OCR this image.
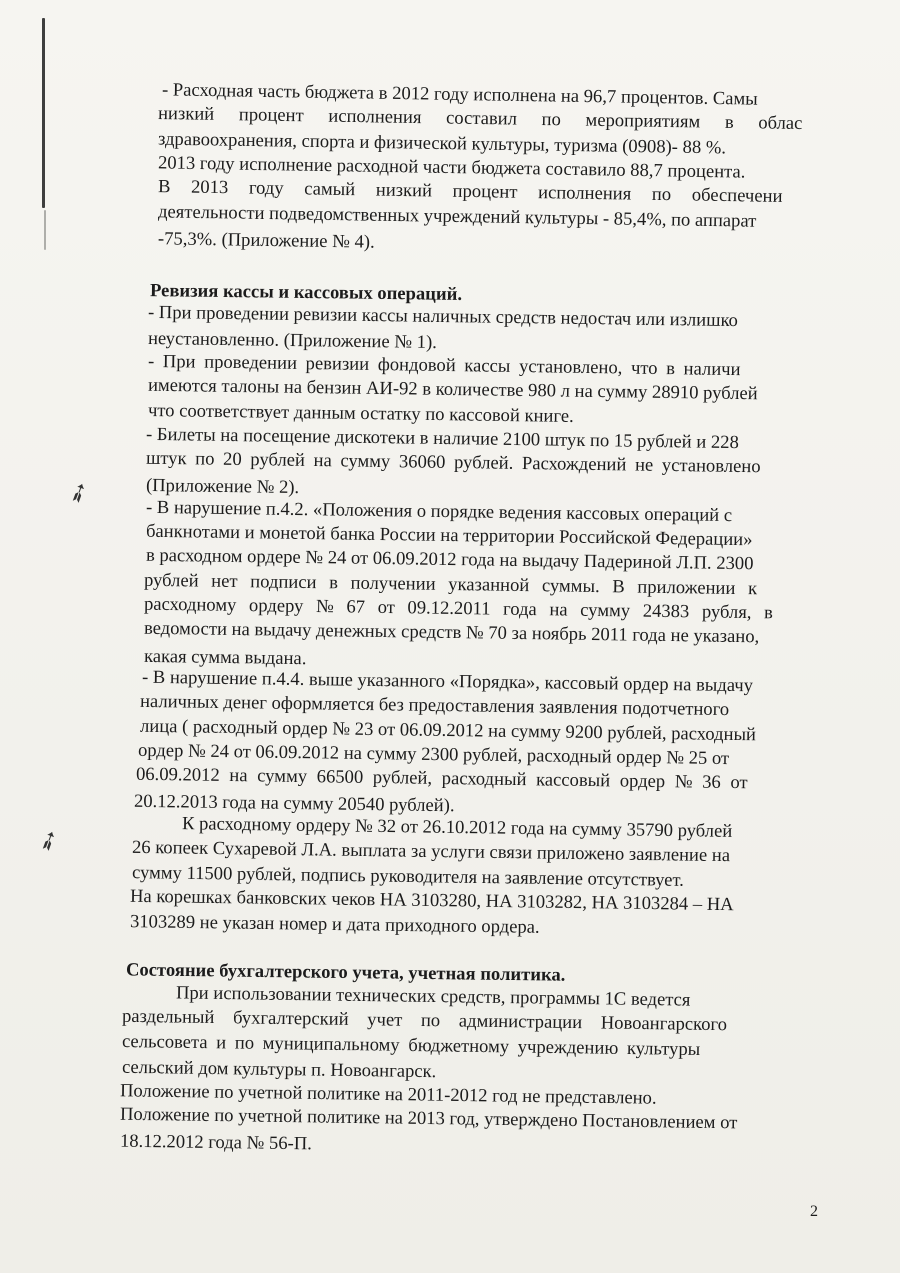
➶
➶
- Расходная часть бюджета в 2012 году исполнена на 96,7 процентов. Самы
низкий процент исполнения составил по мероприятиям в облас
здравоохранения, спорта и физической культуры, туризма (0908)- 88 %.
2013 году исполнение расходной части бюджета составило 88,7 процента.
В 2013 году самый низкий процент исполнения по обеспечени
деятельности подведомственных учреждений культуры - 85,4%, по аппарат
-75,3%. (Приложение № 4).
Ревизия кассы и кассовых операций.
- При проведении ревизии кассы наличных средств недостач или излишко
неустановленно. (Приложение № 1).
- При проведении ревизии фондовой кассы установлено, что в наличи
имеются талоны на бензин АИ-92 в количестве 980 л на сумму 28910 рублей
что соответствует данным остатку по кассовой книге.
- Билеты на посещение дискотеки в наличие 2100 штук по 15 рублей и 228
штук по 20 рублей на сумму 36060 рублей. Расхождений не установлено
(Приложение № 2).
- В нарушение п.4.2. «Положения о порядке ведения кассовых операций с
банкнотами и монетой банка России на территории Российской Федерации»
в расходном ордере № 24 от 06.09.2012 года на выдачу Падериной Л.П. 2300
рублей нет подписи в получении указанной суммы. В приложении к
расходному ордеру № 67 от 09.12.2011 года на сумму 24383 рубля, в
ведомости на выдачу денежных средств № 70 за ноябрь 2011 года не указано,
какая сумма выдана.
- В нарушение п.4.4. выше указанного «Порядка», кассовый ордер на выдачу
наличных денег оформляется без предоставления заявления подотчетного
лица ( расходный ордер № 23 от 06.09.2012 на сумму 9200 рублей, расходный
ордер № 24 от 06.09.2012 на сумму 2300 рублей, расходный ордер № 25 от
06.09.2012 на сумму 66500 рублей, расходный кассовый ордер № 36 от
20.12.2013 года на сумму 20540 рублей).
К расходному ордеру № 32 от 26.10.2012 года на сумму 35790 рублей
26 копеек Сухаревой Л.А. выплата за услуги связи приложено заявление на
сумму 11500 рублей, подпись руководителя на заявление отсутствует.
На корешках банковских чеков НА 3103280, НА 3103282, НА 3103284 – НА
3103289 не указан номер и дата приходного ордера.
Состояние бухгалтерского учета, учетная политика.
При использовании технических средств, программы 1С ведется
раздельный бухгалтерский учет по администрации Новоангарского
сельсовета и по муниципальному бюджетному учреждению культуры
сельский дом культуры п. Новоангарск.
Положение по учетной политике на 2011-2012 год не представлено.
Положение по учетной политике на 2013 год, утверждено Постановлением от
18.12.2012 года № 56-П.
2
